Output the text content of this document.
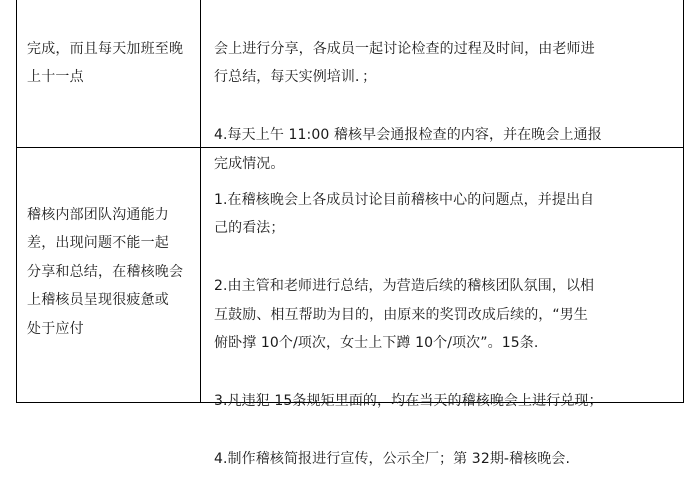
完成，而且每天加班至晚
上十一点

会上进行分享，各成员一起讨论检查的过程及时间，由老师进
行总结，每天实例培训．；

4.每天上午 11:00 稽核早会通报检查的内容，并在晚会上通报
完成情况。

稽核内部团队沟通能力
差，出现问题不能一起
分享和总结，在稽核晚会
上稽核员呈现很疲惫或
处于应付

1.在稽核晚会上各成员讨论目前稽核中心的问题点，并提出自
己的看法；

2.由主管和老师进行总结，为营造后续的稽核团队氛围，以相
互鼓励、相互帮助为目的，由原来的奖罚改成后续的，“男生
俯卧撑 10个/项次，女士上下蹲 10个/项次”。15条.

3.凡违犯 15条规矩里面的，均在当天的稽核晚会上进行兑现；

4.制作稽核简报进行宣传，公示全厂；第 32期-稽核晚会.
